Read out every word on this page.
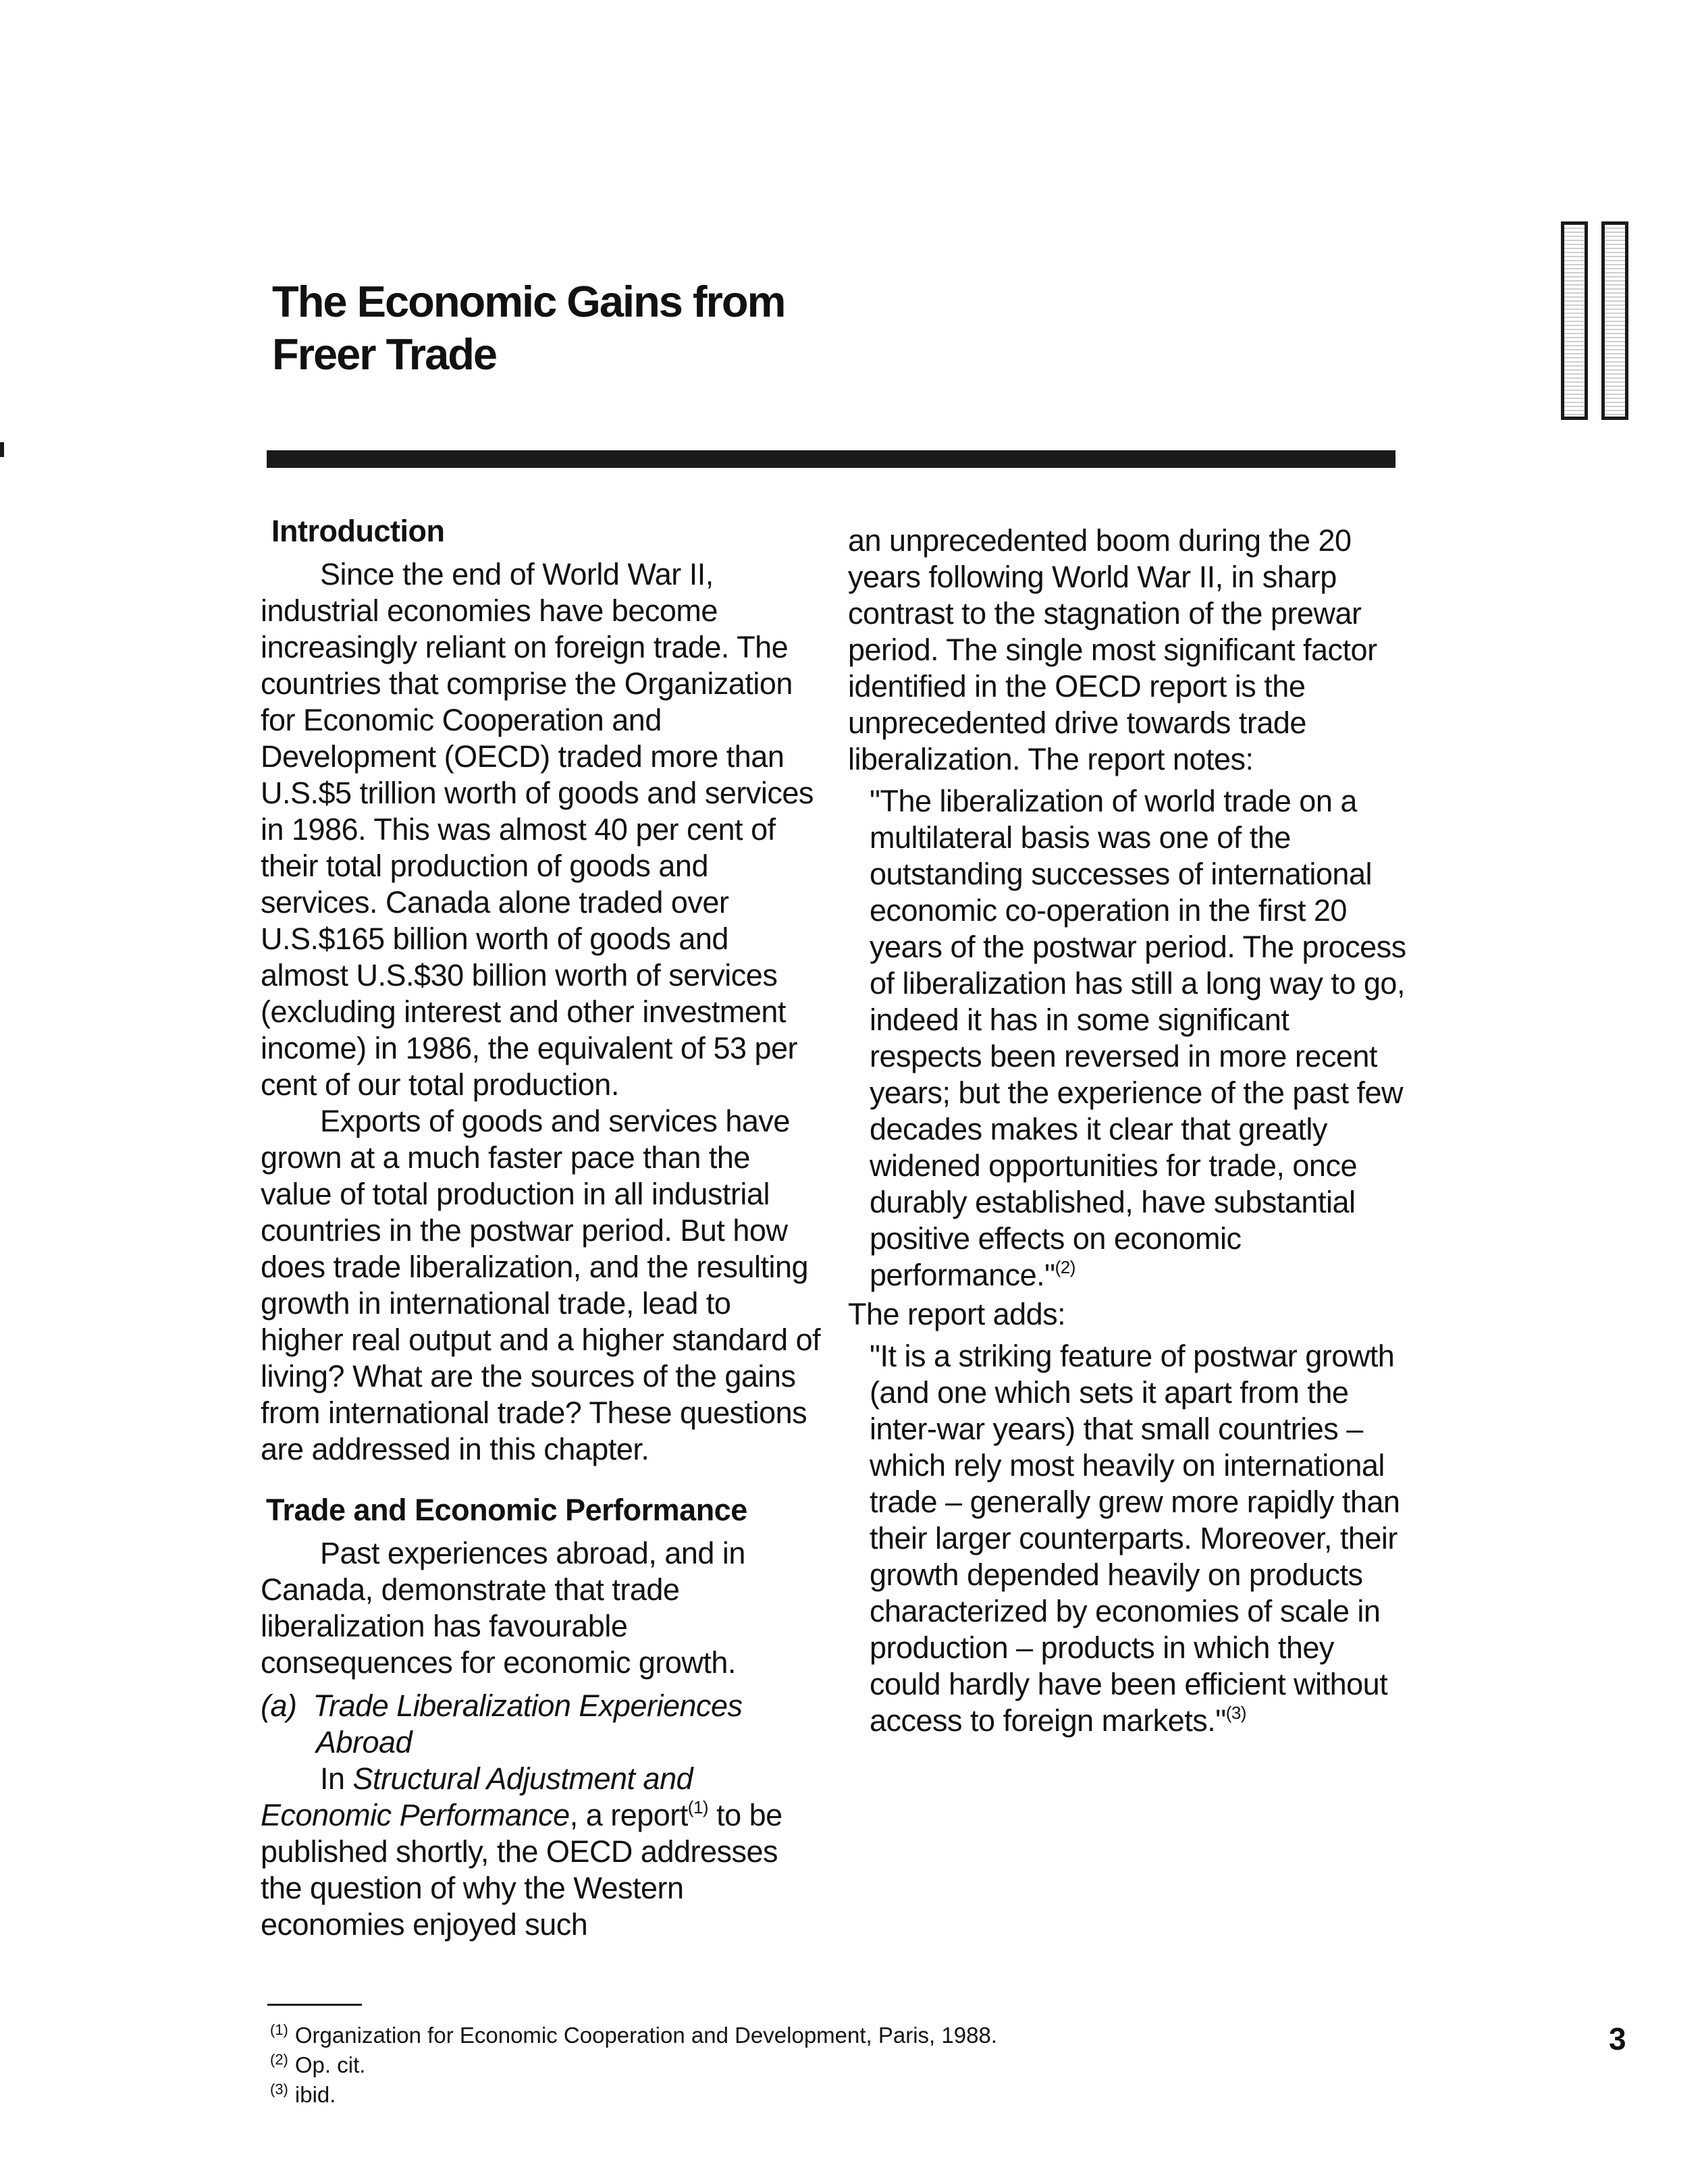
The Economic Gains from
Freer Trade

Introduction

Since the end of World War II, industrial economies have become increasingly reliant on foreign trade. The countries that comprise the Organization for Economic Cooperation and Development (OECD) traded more than U.S.$5 trillion worth of goods and services in 1986. This was almost 40 per cent of their total production of goods and services. Canada alone traded over U.S.$165 billion worth of goods and almost U.S.$30 billion worth of services (excluding interest and other investment income) in 1986, the equivalent of 53 per cent of our total production.

Exports of goods and services have grown at a much faster pace than the value of total production in all industrial countries in the postwar period. But how does trade liberalization, and the resulting growth in international trade, lead to higher real output and a higher standard of living? What are the sources of the gains from international trade? These questions are addressed in this chapter.

Trade and Economic Performance

Past experiences abroad, and in Canada, demonstrate that trade liberalization has favourable consequences for economic growth.

(a) Trade Liberalization Experiences
Abroad

In Structural Adjustment and Economic Performance, a report$^{(1)}$ to be published shortly, the OECD addresses the question of why the Western economies enjoyed such

an unprecedented boom during the 20 years following World War II, in sharp contrast to the stagnation of the prewar period. The single most significant factor identified in the OECD report is the unprecedented drive towards trade liberalization. The report notes:

"The liberalization of world trade on a multilateral basis was one of the outstanding successes of international economic co-operation in the first 20 years of the postwar period. The process of liberalization has still a long way to go, indeed it has in some significant respects been reversed in more recent years; but the experience of the past few decades makes it clear that greatly widened opportunities for trade, once durably established, have substantial positive effects on economic performance."$^{(2)}$

The report adds:

"It is a striking feature of postwar growth (and one which sets it apart from the inter-war years) that small countries – which rely most heavily on international trade – generally grew more rapidly than their larger counterparts. Moreover, their growth depended heavily on products characterized by economies of scale in production – products in which they could hardly have been efficient without access to foreign markets."$^{(3)}$

$^{(1)}$ Organization for Economic Cooperation and Development, Paris, 1988.
$^{(2)}$ Op. cit.
$^{(3)}$ ibid.
3
